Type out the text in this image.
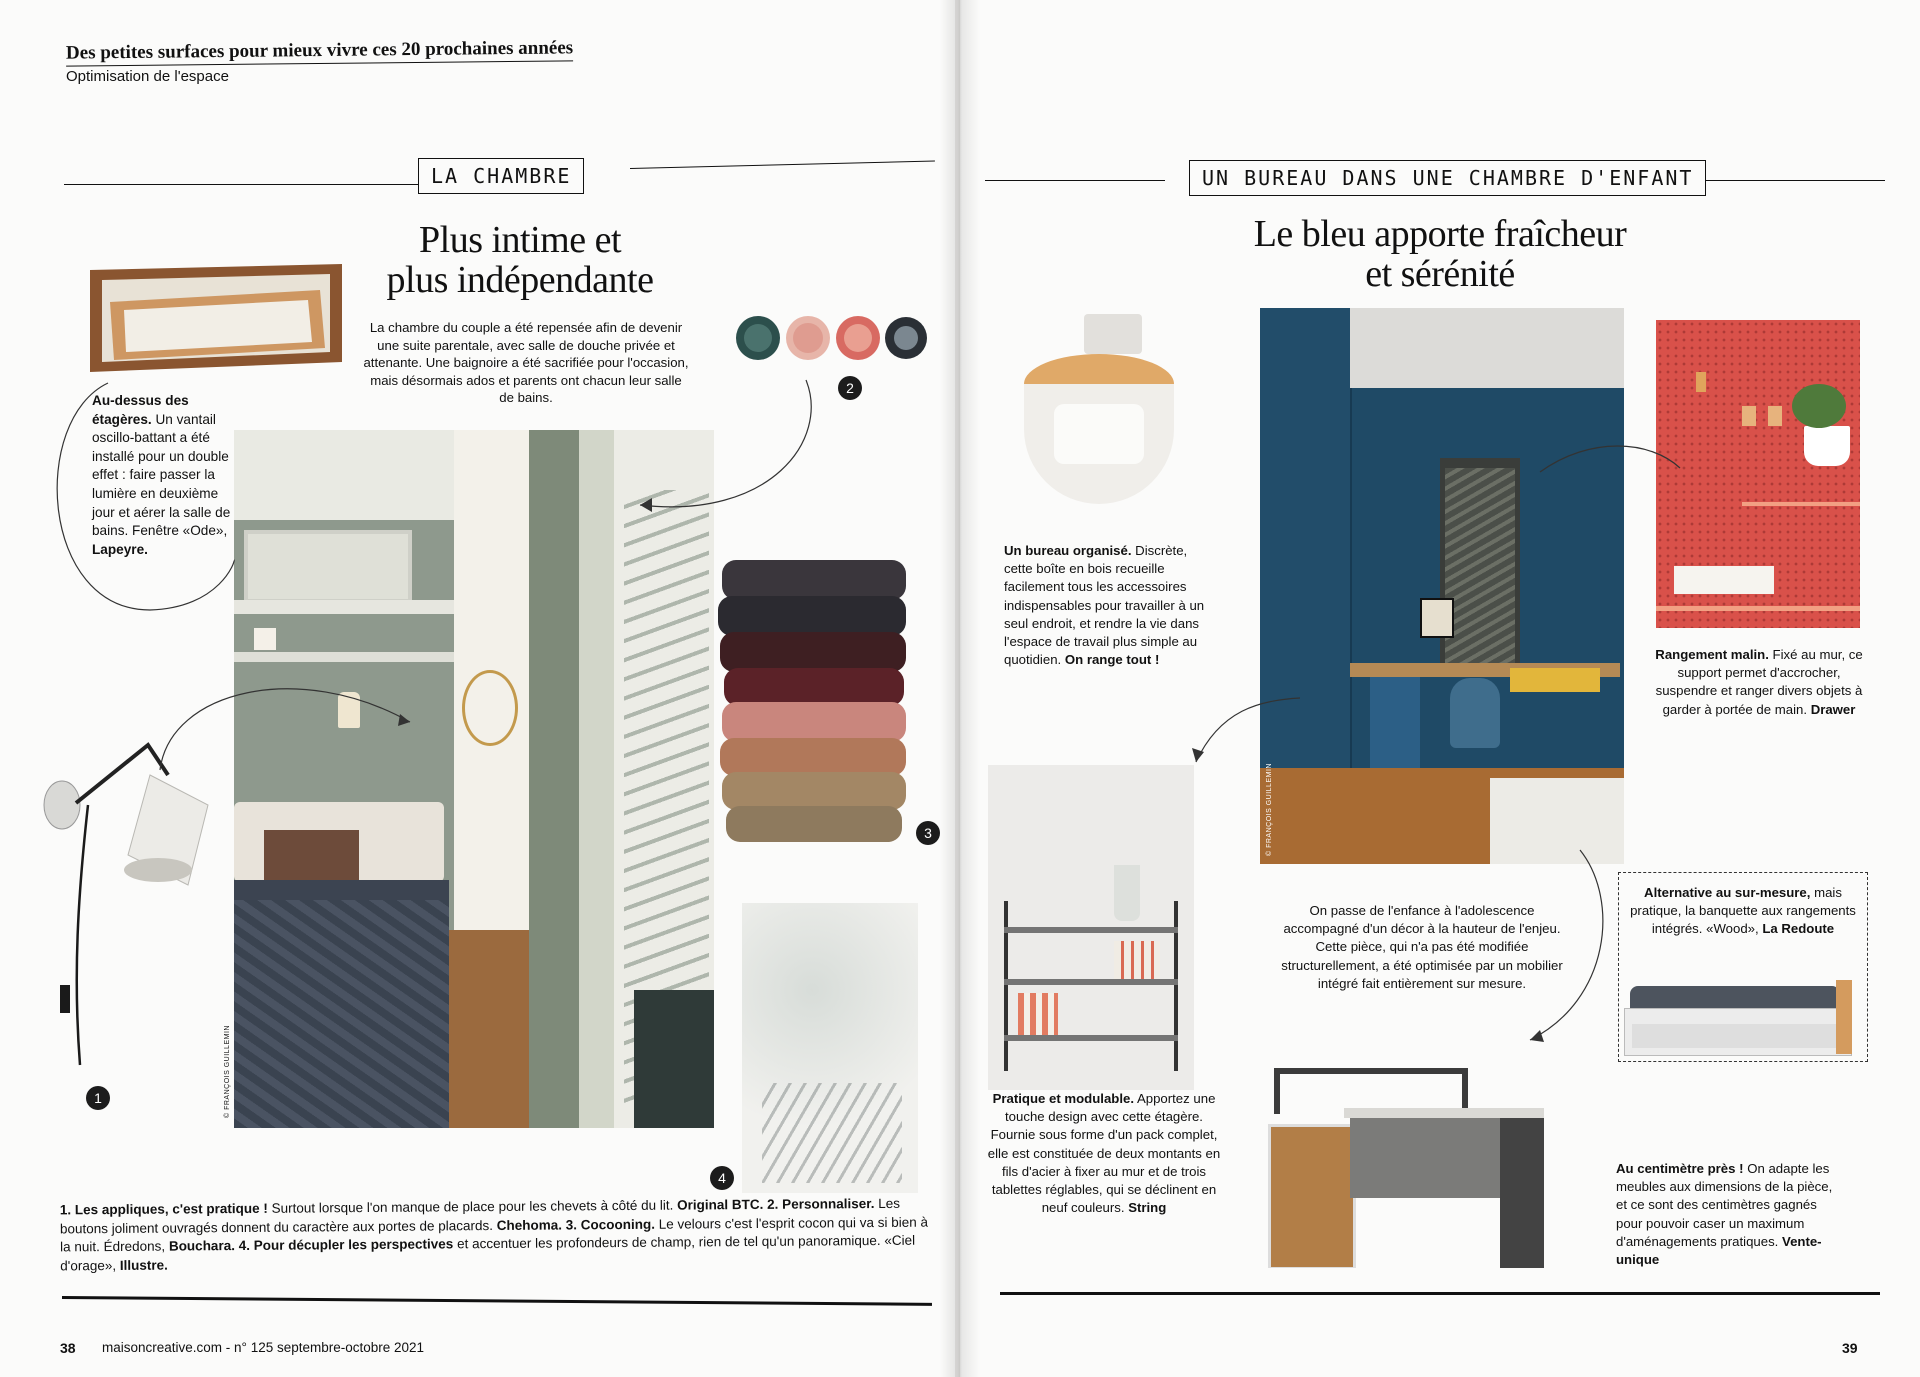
Des petites surfaces pour mieux vivre ces 20 prochaines années
Optimisation de l'espace
LA CHAMBRE
Plus intime et
plus indépendante
La chambre du couple a été repensée afin de devenir une suite parentale, avec salle de douche privée et attenante. Une baignoire a été sacrifiée pour l'occasion, mais désormais ados et parents ont chacun leur salle de bains.
Au-dessus des étagères. Un vantail oscillo-battant a été installé pour un double effet : faire passer la lumière en deuxième jour et aérer la salle de bains. Fenêtre «Ode», Lapeyre.
© FRANÇOIS GUILLEMIN
1
2
3
4
1. Les appliques, c'est pratique ! Surtout lorsque l'on manque de place pour les chevets à côté du lit. Original BTC. 2. Personnaliser. Les boutons joliment ouvragés donnent du caractère aux portes de placards. Chehoma. 3. Cocooning. Le velours c'est l'esprit cocon qui va si bien à la nuit. Édredons, Bouchara. 4. Pour décupler les perspectives et accentuer les profondeurs de champ, rien de tel qu'un panoramique. «Ciel d'orage», Illustre.
38 maisoncreative.com - n° 125 septembre-octobre 2021
UN BUREAU DANS UNE CHAMBRE D'ENFANT
Le bleu apporte fraîcheur
et sérénité
Un bureau organisé. Discrète, cette boîte en bois recueille facilement tous les accessoires indispensables pour travailler à un seul endroit, et rendre la vie dans l'espace de travail plus simple au quotidien. On range tout !
© FRANÇOIS GUILLEMIN
Rangement malin. Fixé au mur, ce support permet d'accrocher, suspendre et ranger divers objets à garder à portée de main. Drawer
On passe de l'enfance à l'adolescence accompagné d'un décor à la hauteur de l'enjeu. Cette pièce, qui n'a pas été modifiée structurellement, a été optimisée par un mobilier intégré fait entièrement sur mesure.
Alternative au sur-mesure, mais pratique, la banquette aux rangements intégrés. «Wood», La Redoute
Pratique et modulable. Apportez une touche design avec cette étagère. Fournie sous forme d'un pack complet, elle est constituée de deux montants en fils d'acier à fixer au mur et de trois tablettes réglables, qui se déclinent en neuf couleurs. String
Au centimètre près ! On adapte les meubles aux dimensions de la pièce, et ce sont des centimètres gagnés pour pouvoir caser un maximum d'aménagements pratiques. Vente-unique
39
